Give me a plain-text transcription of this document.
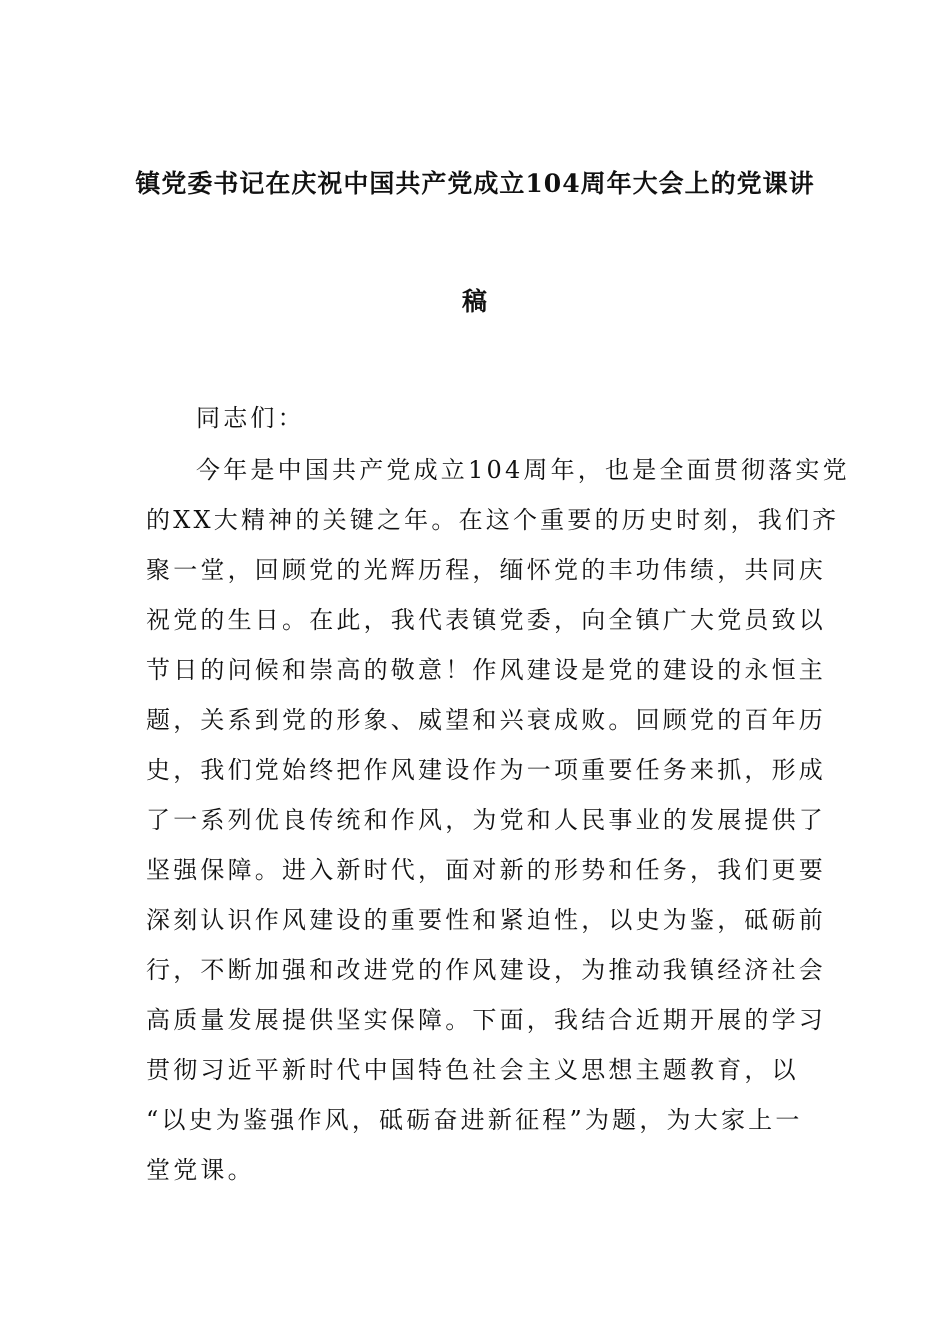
镇党委书记在庆祝中国共产党成立104周年大会上的党课讲
稿
同志们：
今年是中国共产党成立104周年，也是全面贯彻落实党
的XX大精神的关键之年。在这个重要的历史时刻，我们齐
聚一堂，回顾党的光辉历程，缅怀党的丰功伟绩，共同庆
祝党的生日。在此，我代表镇党委，向全镇广大党员致以
节日的问候和崇高的敬意！作风建设是党的建设的永恒主
题，关系到党的形象、威望和兴衰成败。回顾党的百年历
史，我们党始终把作风建设作为一项重要任务来抓，形成
了一系列优良传统和作风，为党和人民事业的发展提供了
坚强保障。进入新时代，面对新的形势和任务，我们更要
深刻认识作风建设的重要性和紧迫性，以史为鉴，砥砺前
行，不断加强和改进党的作风建设，为推动我镇经济社会
高质量发展提供坚实保障。下面，我结合近期开展的学习
贯彻习近平新时代中国特色社会主义思想主题教育，以
“以史为鉴强作风，砥砺奋进新征程”为题，为大家上一
堂党课。
